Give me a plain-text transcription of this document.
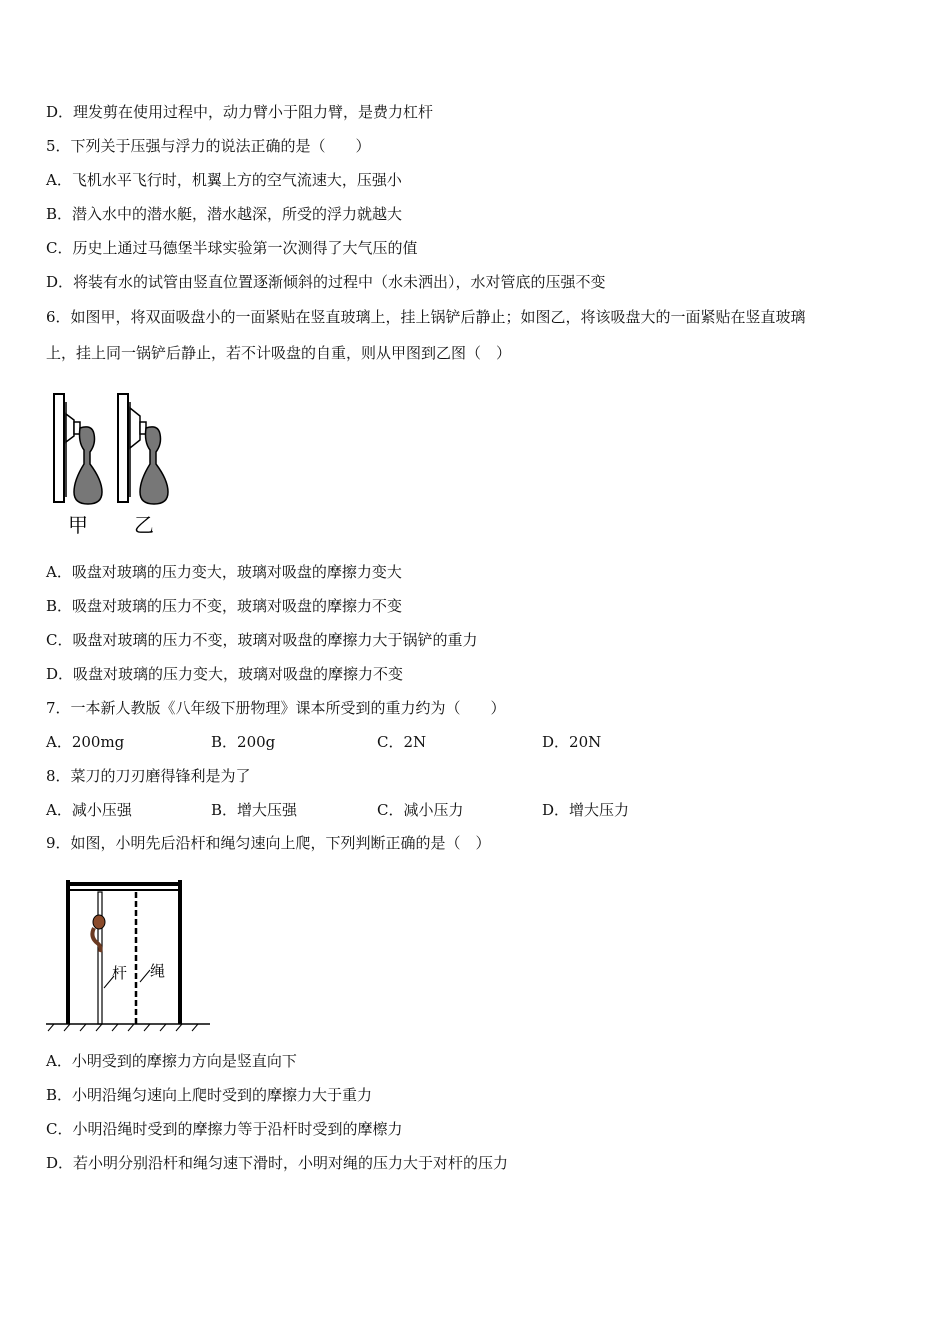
D．理发剪在使用过程中，动力臂小于阻力臂，是费力杠杆
5．下列关于压强与浮力的说法正确的是（　　）
A．飞机水平飞行时，机翼上方的空气流速大，压强小
B．潜入水中的潜水艇，潜水越深，所受的浮力就越大
C．历史上通过马德堡半球实验第一次测得了大气压的值
D．将装有水的试管由竖直位置逐渐倾斜的过程中（水未洒出），水对管底的压强不变
6．如图甲，将双面吸盘小的一面紧贴在竖直玻璃上，挂上锅铲后静止；如图乙，将该吸盘大的一面紧贴在竖直玻璃
上，挂上同一锅铲后静止，若不计吸盘的自重，则从甲图到乙图（　）
甲 乙
A．吸盘对玻璃的压力变大，玻璃对吸盘的摩擦力变大
B．吸盘对玻璃的压力不变，玻璃对吸盘的摩擦力不变
C．吸盘对玻璃的压力不变，玻璃对吸盘的摩擦力大于锅铲的重力
D．吸盘对玻璃的压力变大，玻璃对吸盘的摩擦力不变
7．一本新人教版《八年级下册物理》课本所受到的重力约为（　　）
A．200mg	B．200g	C．2N	D．20N
8．菜刀的刀刃磨得锋利是为了
A．减小压强	B．增大压强	C．减小压力	D．增大压力
9．如图，小明先后沿杆和绳匀速向上爬，下列判断正确的是（　）
杆 绳
A．小明受到的摩擦力方向是竖直向下
B．小明沿绳匀速向上爬时受到的摩擦力大于重力
C．小明沿绳时受到的摩擦力等于沿杆时受到的摩檫力
D．若小明分别沿杆和绳匀速下滑时，小明对绳的压力大于对杆的压力
